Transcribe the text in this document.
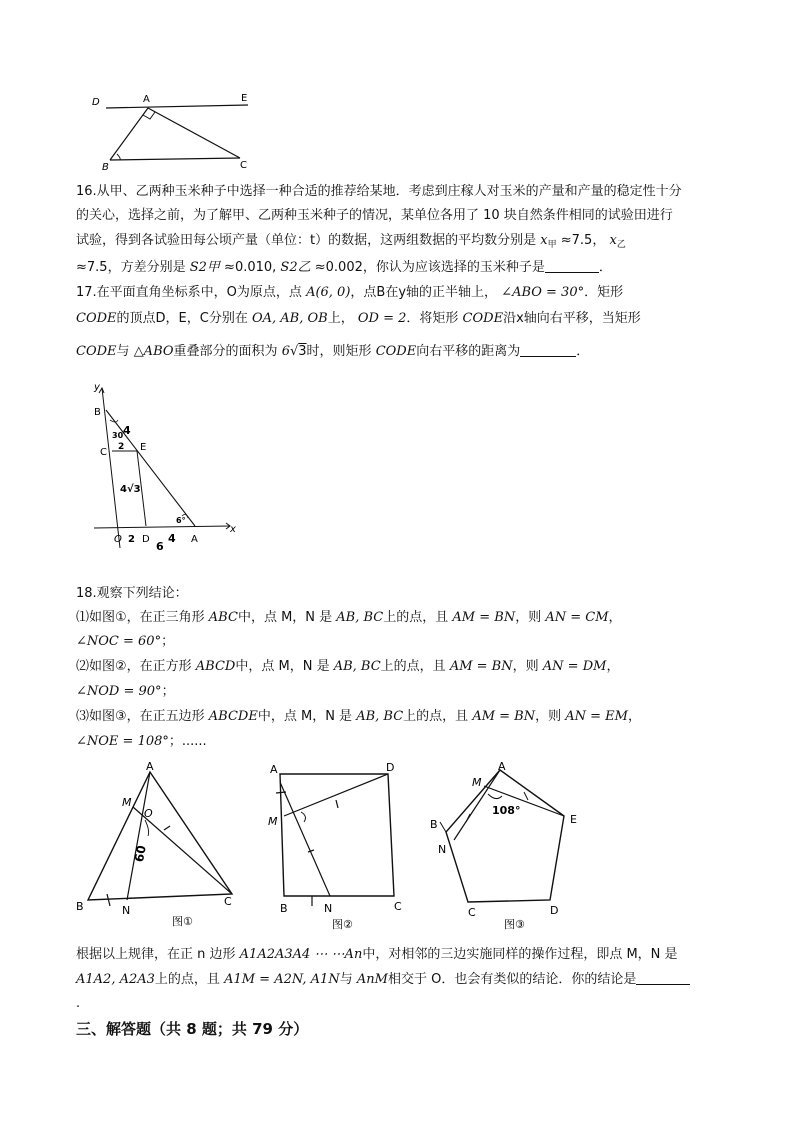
D	A	E
B	C
16.从甲、乙两种玉米种子中选择一种合适的推荐给某地．考虑到庄稼人对玉米的产量和产量的稳定性十分
的关心，选择之前，为了解甲、乙两种玉米种子的情况，某单位各用了 10 块自然条件相同的试验田进行
试验，得到各试验田每公顷产量（单位：t）的数据，这两组数据的平均数分别是 $x_甲 \approx 7.5$， $x_乙$
≈7.5，方差分别是 S2甲 ≈0.010, S2乙 ≈0.002，你认为应该选择的玉米种子是	．
17.在平面直角坐标系中，O为原点，点 A(6, 0)，点B在y轴的正半轴上， ∠ABO = 30°．矩形
CODE的顶点D，E，C分别在 OA, AB, OB上， OD = 2．将矩形 CODE沿x轴向右平移，当矩形
CODE与 △ABO重叠部分的面积为 6√3时，则矩形 CODE向右平移的距离为	．
y
B
C	E
O D	A
x
30 4
2
4√3
6°
2
6
4
18.观察下列结论：
⑴如图①，在正三角形 ABC中，点 M，N 是 AB, BC上的点，且 AM = BN，则 AN = CM，
∠NOC = 60°；
⑵如图②，在正方形 ABCD中，点 M，N 是 AB, BC上的点，且 AM = BN，则 AN = DM，
∠NOD = 90°；
⑶如图③，在正五边形 ABCDE中，点 M，N 是 AB, BC上的点，且 AM = BN，则 AN = EM，
∠NOE = 108°；......
A
M
O
60
B	N
C
图①
A	D
M
B	N	C
图②
M
A
108°
B	E
N
C	D
图③
根据以上规律，在正 n 边形 A1A2A3A4 ⋯ ⋯An中，对相邻的三边实施同样的操作过程，即点 M，N 是
A1A2, A2A3上的点，且 A1M = A2N, A1N与 AnM相交于 O．也会有类似的结论．你的结论是
.
三、解答题（共 8 题；共 79 分）
